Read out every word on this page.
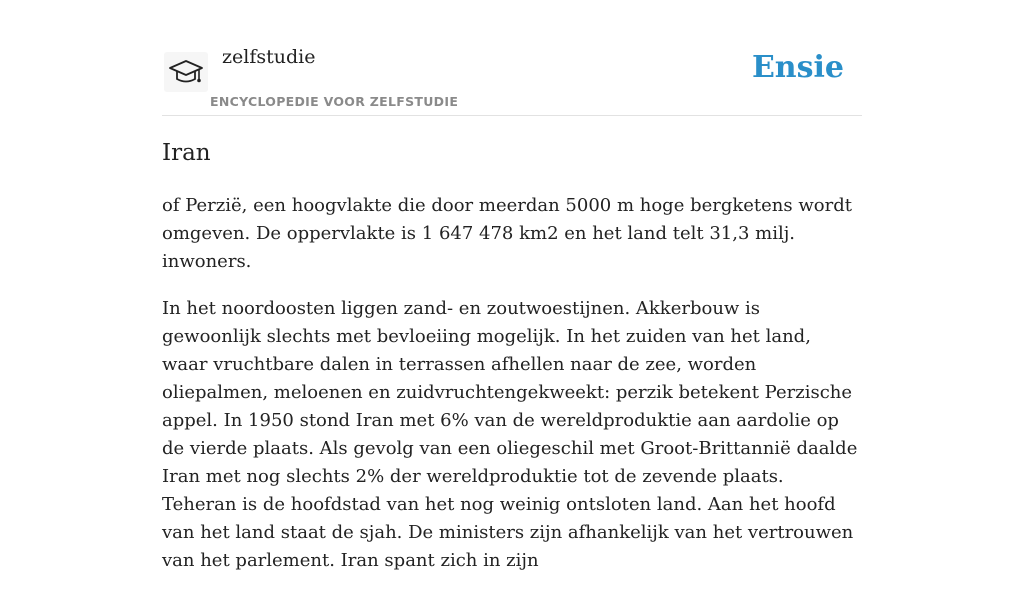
zelfstudie
ENCYCLOPEDIE VOOR ZELFSTUDIE
Ensie
Iran

of Perzië, een hoogvlakte die door meerdan 5000 m hoge bergketens wordt omgeven. De oppervlakte is 1 647 478 km2 en het land telt 31,3 milj. inwoners.

In het noordoosten liggen zand- en zoutwoestijnen. Akkerbouw is gewoonlijk slechts met bevloeiing mogelijk. In het zuiden van het land, waar vruchtbare dalen in terrassen afhellen naar de zee, worden oliepalmen, meloenen en zuidvruchtengekweekt: perzik betekent Perzische appel. In 1950 stond Iran met 6% van de wereldproduktie aan aardolie op de vierde plaats. Als gevolg van een oliegeschil met Groot-Brittannië daalde Iran met nog slechts 2% der wereldproduktie tot de zevende plaats. Teheran is de hoofdstad van het nog weinig ontsloten land. Aan het hoofd van het land staat de sjah. De ministers zijn afhankelijk van het vertrouwen van het parlement. Iran spant zich in zijn
